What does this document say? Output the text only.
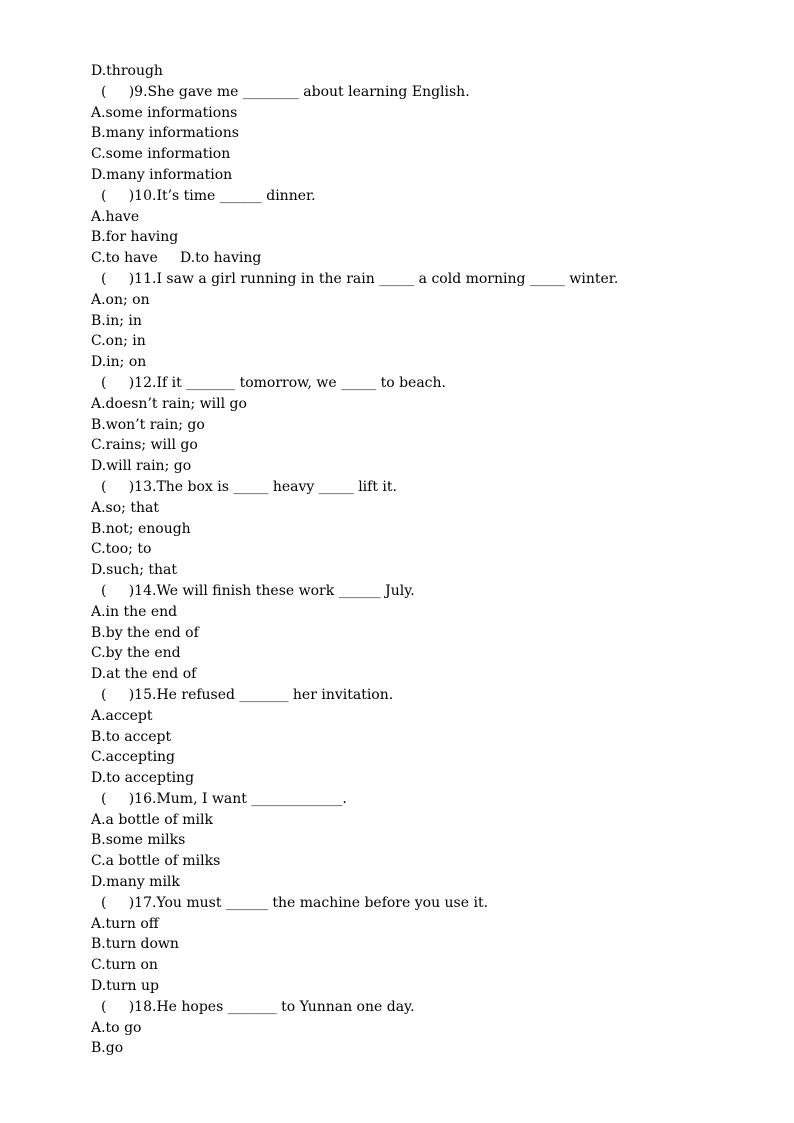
D.through
(     )9.She gave me ________ about learning English.
A.some informations
B.many informations
C.some information
D.many information
(     )10.It’s time ______ dinner.
A.have
B.for having
C.to have     D.to having
(     )11.I saw a girl running in the rain _____ a cold morning _____ winter.
A.on; on
B.in; in
C.on; in
D.in; on
(     )12.If it _______ tomorrow, we _____ to beach.
A.doesn’t rain; will go
B.won’t rain; go
C.rains; will go
D.will rain; go
(     )13.The box is _____ heavy _____ lift it.
A.so; that
B.not; enough
C.too; to
D.such; that
(     )14.We will finish these work ______ July.
A.in the end
B.by the end of
C.by the end
D.at the end of
(     )15.He refused _______ her invitation.
A.accept
B.to accept
C.accepting
D.to accepting
(     )16.Mum, I want _____________.
A.a bottle of milk
B.some milks
C.a bottle of milks
D.many milk
(     )17.You must ______ the machine before you use it.
A.turn off
B.turn down
C.turn on
D.turn up
(     )18.He hopes _______ to Yunnan one day.
A.to go
B.go
